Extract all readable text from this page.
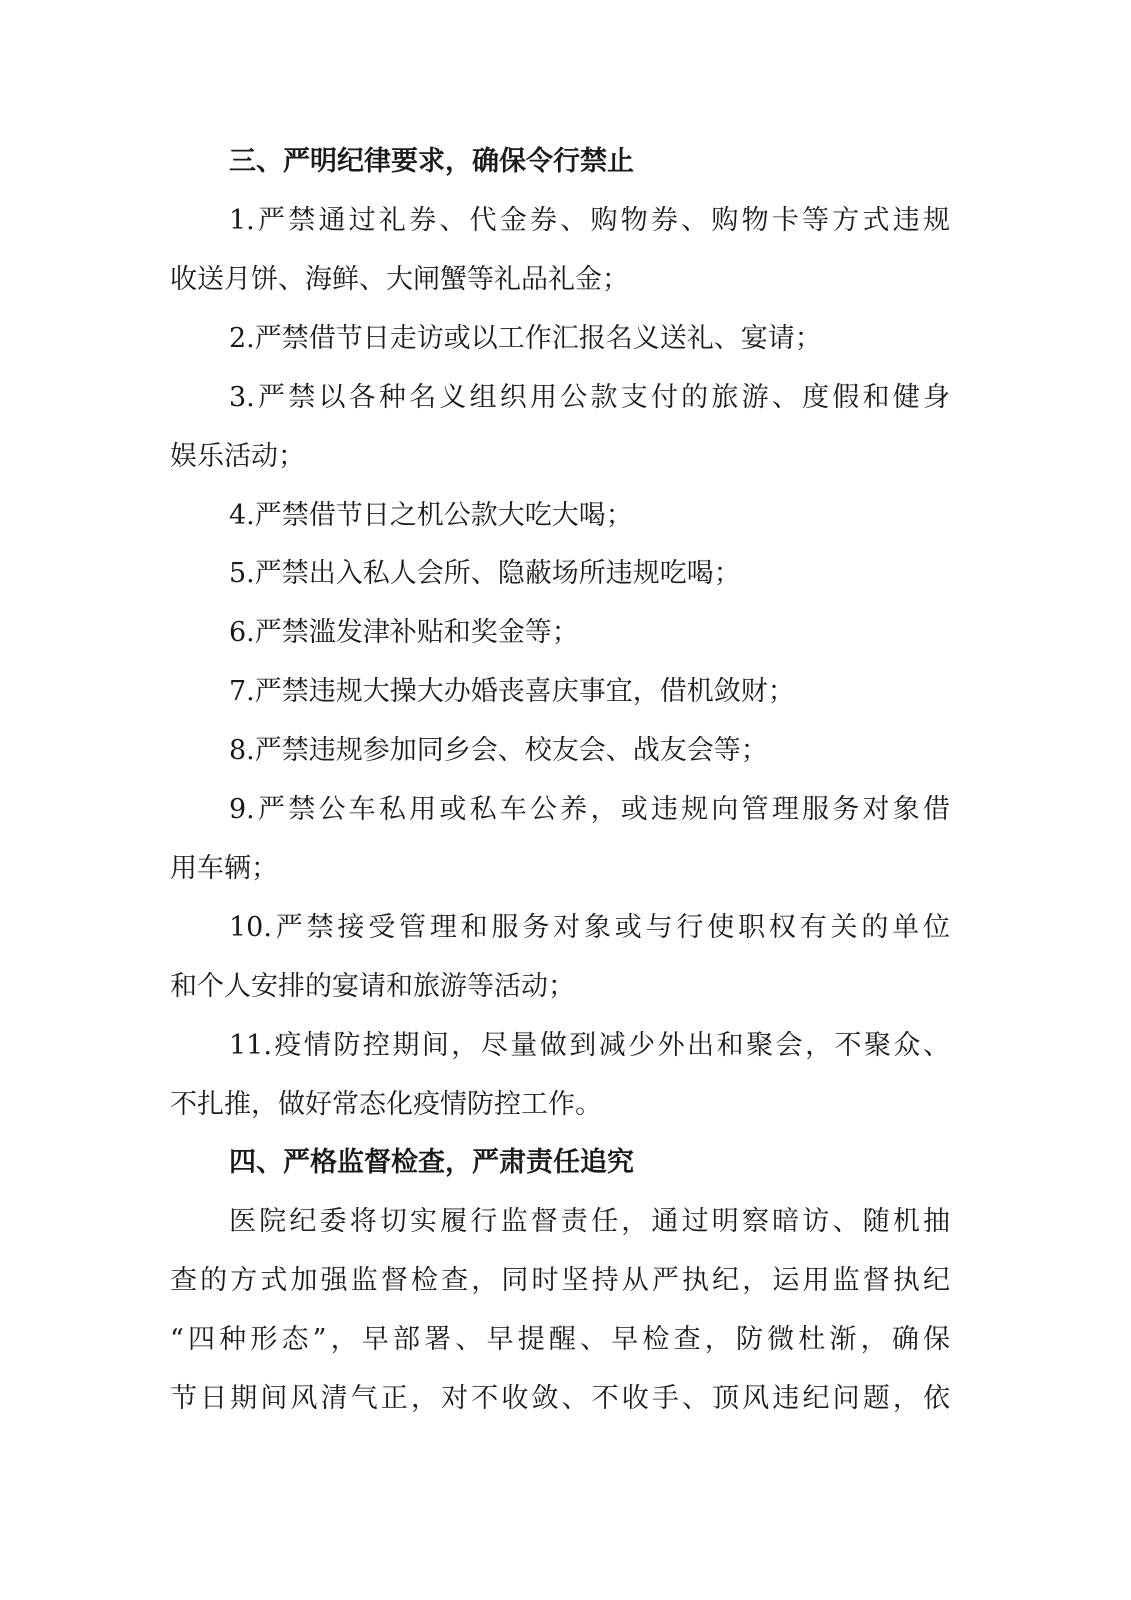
三、严明纪律要求，确保令行禁止
1.严禁通过礼券、代金券、购物券、购物卡等方式违规
收送月饼、海鲜、大闸蟹等礼品礼金；
2.严禁借节日走访或以工作汇报名义送礼、宴请；
3.严禁以各种名义组织用公款支付的旅游、度假和健身
娱乐活动；
4.严禁借节日之机公款大吃大喝；
5.严禁出入私人会所、隐蔽场所违规吃喝；
6.严禁滥发津补贴和奖金等；
7.严禁违规大操大办婚丧喜庆事宜，借机敛财；
8.严禁违规参加同乡会、校友会、战友会等；
9.严禁公车私用或私车公养，或违规向管理服务对象借
用车辆；
10.严禁接受管理和服务对象或与行使职权有关的单位
和个人安排的宴请和旅游等活动；
11.疫情防控期间，尽量做到减少外出和聚会，不聚众、
不扎推，做好常态化疫情防控工作。
四、严格监督检查，严肃责任追究
医院纪委将切实履行监督责任，通过明察暗访、随机抽
查的方式加强监督检查，同时坚持从严执纪，运用监督执纪
“四种形态”，早部署、早提醒、早检查，防微杜渐，确保
节日期间风清气正，对不收敛、不收手、顶风违纪问题，依
